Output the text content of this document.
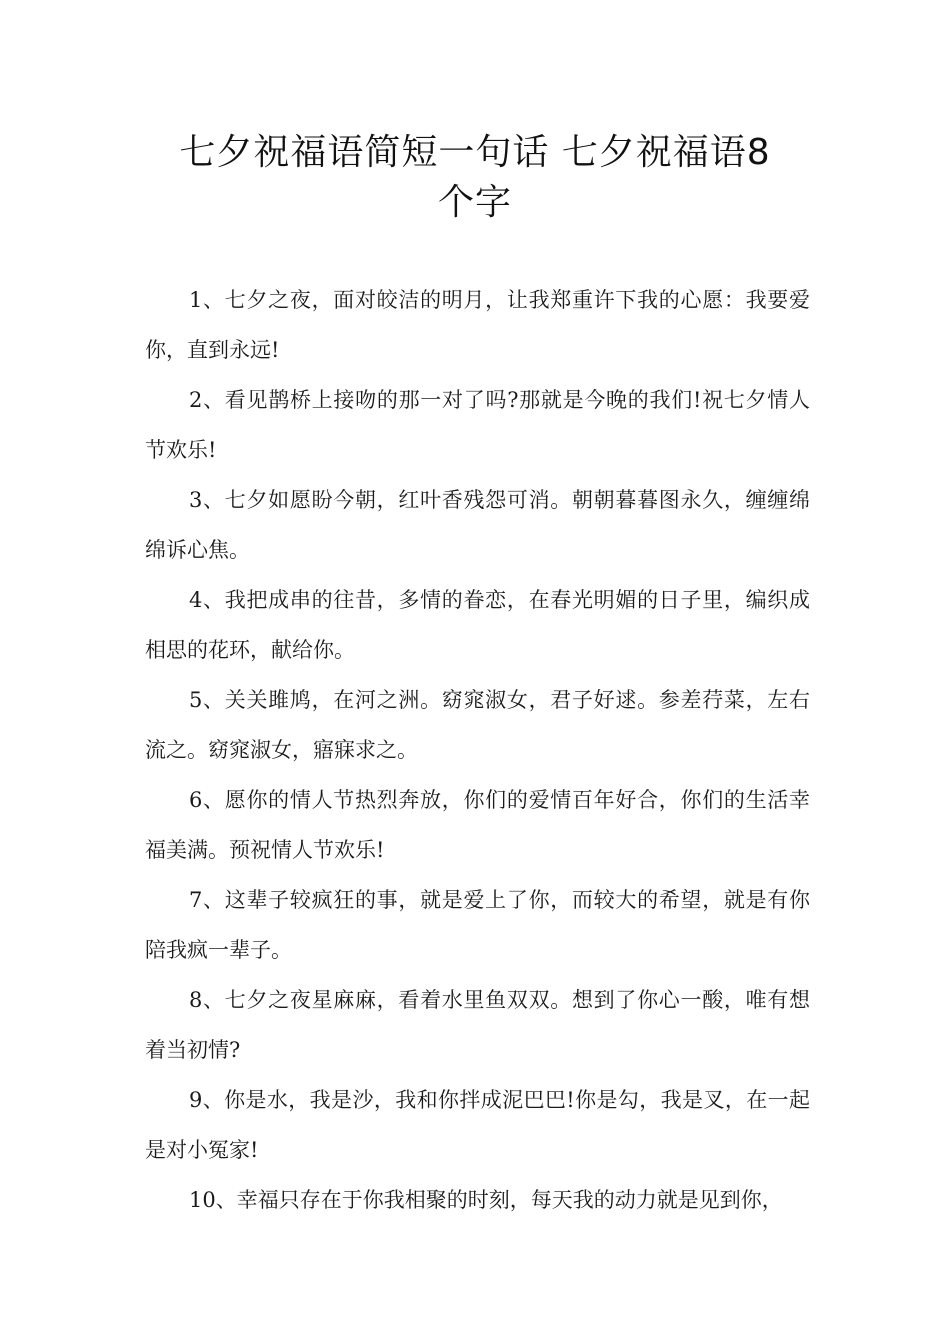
七夕祝福语简短一句话 七夕祝福语8
个字

1、七夕之夜，面对皎洁的明月，让我郑重许下我的心愿：我要爱你，直到永远!

2、看见鹊桥上接吻的那一对了吗?那就是今晚的我们!祝七夕情人节欢乐!

3、七夕如愿盼今朝，红叶香残怨可消。朝朝暮暮图永久，缠缠绵绵诉心焦。

4、我把成串的往昔，多情的眷恋，在春光明媚的日子里，编织成相思的花环，献给你。

5、关关雎鸠，在河之洲。窈窕淑女，君子好逑。参差荇菜，左右流之。窈窕淑女，寤寐求之。

6、愿你的情人节热烈奔放，你们的爱情百年好合，你们的生活幸福美满。预祝情人节欢乐!

7、这辈子较疯狂的事，就是爱上了你，而较大的希望，就是有你陪我疯一辈子。

8、七夕之夜星麻麻，看着水里鱼双双。想到了你心一酸，唯有想着当初情?

9、你是水，我是沙，我和你拌成泥巴巴!你是勾，我是叉，在一起是对小冤家!

10、幸福只存在于你我相聚的时刻，每天我的动力就是见到你，
